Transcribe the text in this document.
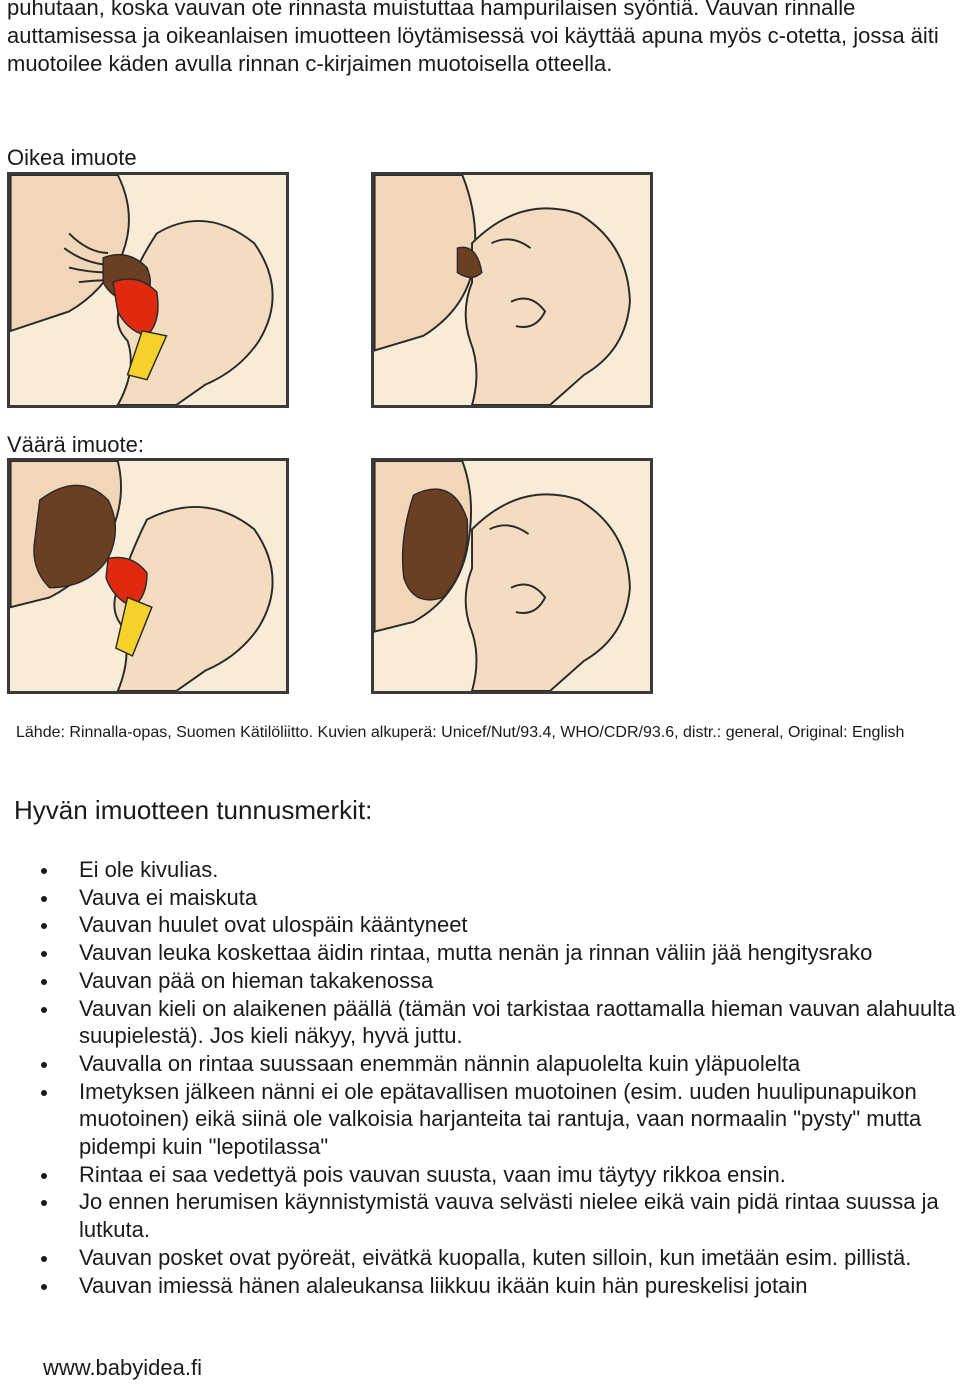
puhutaan, koska vauvan ote rinnasta muistuttaa hampurilaisen syöntiä. Vauvan rinnalle auttamisessa ja oikeanlaisen imuotteen löytämisessä voi käyttää apuna myös c-otetta, jossa äiti muotoilee käden avulla rinnan c-kirjaimen muotoisella otteella.

Oikea imuote

Väärä imuote:

Lähde: Rinnalla-opas, Suomen Kätilöliitto. Kuvien alkuperä: Unicef/Nut/93.4, WHO/CDR/93.6, distr.: general, Original: English

Hyvän imuotteen tunnusmerkit:
Ei ole kivulias.
Vauva ei maiskuta
Vauvan huulet ovat ulospäin kääntyneet
Vauvan leuka koskettaa äidin rintaa, mutta nenän ja rinnan väliin jää hengitysrako
Vauvan pää on hieman takakenossa
Vauvan kieli on alaikenen päällä (tämän voi tarkistaa raottamalla hieman vauvan alahuulta suupielestä). Jos kieli näkyy, hyvä juttu.
Vauvalla on rintaa suussaan enemmän nännin alapuolelta kuin yläpuolelta
Imetyksen jälkeen nänni ei ole epätavallisen muotoinen (esim. uuden huulipunapuikon muotoinen) eikä siinä ole valkoisia harjanteita tai rantuja, vaan normaalin "pysty" mutta pidempi kuin "lepotilassa"
Rintaa ei saa vedettyä pois vauvan suusta, vaan imu täytyy rikkoa ensin.
Jo ennen herumisen käynnistymistä vauva selvästi nielee eikä vain pidä rintaa suussa ja lutkuta.
Vauvan posket ovat pyöreät, eivätkä kuopalla, kuten silloin, kun imetään esim. pillistä.
Vauvan imiessä hänen alaleukansa liikkuu ikään kuin hän pureskelisi jotain

www.babyidea.fi
